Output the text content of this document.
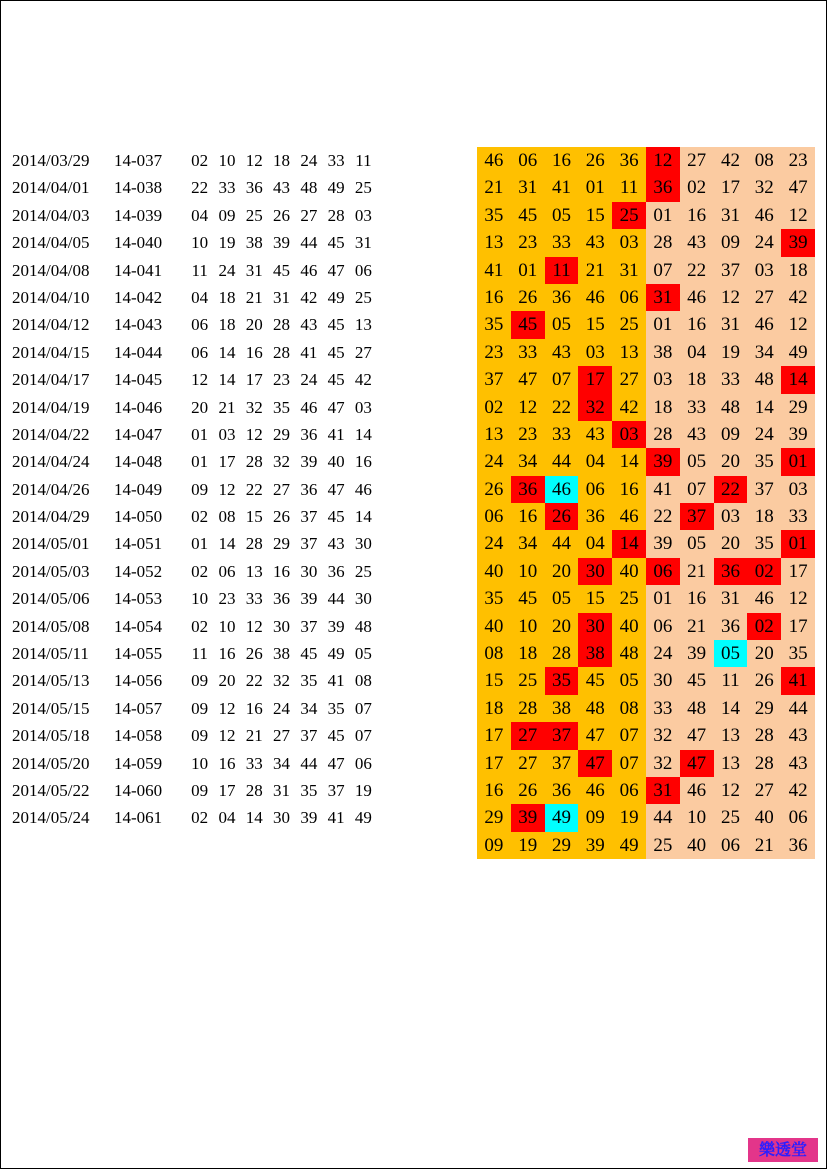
2014/03/29 14-037 02 10 12 18 24 33 11
2014/04/01 14-038 22 33 36 43 48 49 25
2014/04/03 14-039 04 09 25 26 27 28 03
2014/04/05 14-040 10 19 38 39 44 45 31
2014/04/08 14-041 11 24 31 45 46 47 06
2014/04/10 14-042 04 18 21 31 42 49 25
2014/04/12 14-043 06 18 20 28 43 45 13
2014/04/15 14-044 06 14 16 28 41 45 27
2014/04/17 14-045 12 14 17 23 24 45 42
2014/04/19 14-046 20 21 32 35 46 47 03
2014/04/22 14-047 01 03 12 29 36 41 14
2014/04/24 14-048 01 17 28 32 39 40 16
2014/04/26 14-049 09 12 22 27 36 47 46
2014/04/29 14-050 02 08 15 26 37 45 14
2014/05/01 14-051 01 14 28 29 37 43 30
2014/05/03 14-052 02 06 13 16 30 36 25
2014/05/06 14-053 10 23 33 36 39 44 30
2014/05/08 14-054 02 10 12 30 37 39 48
2014/05/11 14-055 11 16 26 38 45 49 05
2014/05/13 14-056 09 20 22 32 35 41 08
2014/05/15 14-057 09 12 16 24 34 35 07
2014/05/18 14-058 09 12 21 27 37 45 07
2014/05/20 14-059 10 16 33 34 44 47 06
2014/05/22 14-060 09 17 28 31 35 37 19
2014/05/24 14-061 02 04 14 30 39 41 49
46 06 16 26 36 12 27 42 08 23
21 31 41 01 11 36 02 17 32 47
35 45 05 15 25 01 16 31 46 12
13 23 33 43 03 28 43 09 24 39
41 01 11 21 31 07 22 37 03 18
16 26 36 46 06 31 46 12 27 42
35 45 05 15 25 01 16 31 46 12
23 33 43 03 13 38 04 19 34 49
37 47 07 17 27 03 18 33 48 14
02 12 22 32 42 18 33 48 14 29
13 23 33 43 03 28 43 09 24 39
24 34 44 04 14 39 05 20 35 01
26 36 46 06 16 41 07 22 37 03
06 16 26 36 46 22 37 03 18 33
24 34 44 04 14 39 05 20 35 01
40 10 20 30 40 06 21 36 02 17
35 45 05 15 25 01 16 31 46 12
40 10 20 30 40 06 21 36 02 17
08 18 28 38 48 24 39 05 20 35
15 25 35 45 05 30 45 11 26 41
18 28 38 48 08 33 48 14 29 44
17 27 37 47 07 32 47 13 28 43
17 27 37 47 07 32 47 13 28 43
16 26 36 46 06 31 46 12 27 42
29 39 49 09 19 44 10 25 40 06
09 19 29 39 49 25 40 06 21 36
樂透堂
